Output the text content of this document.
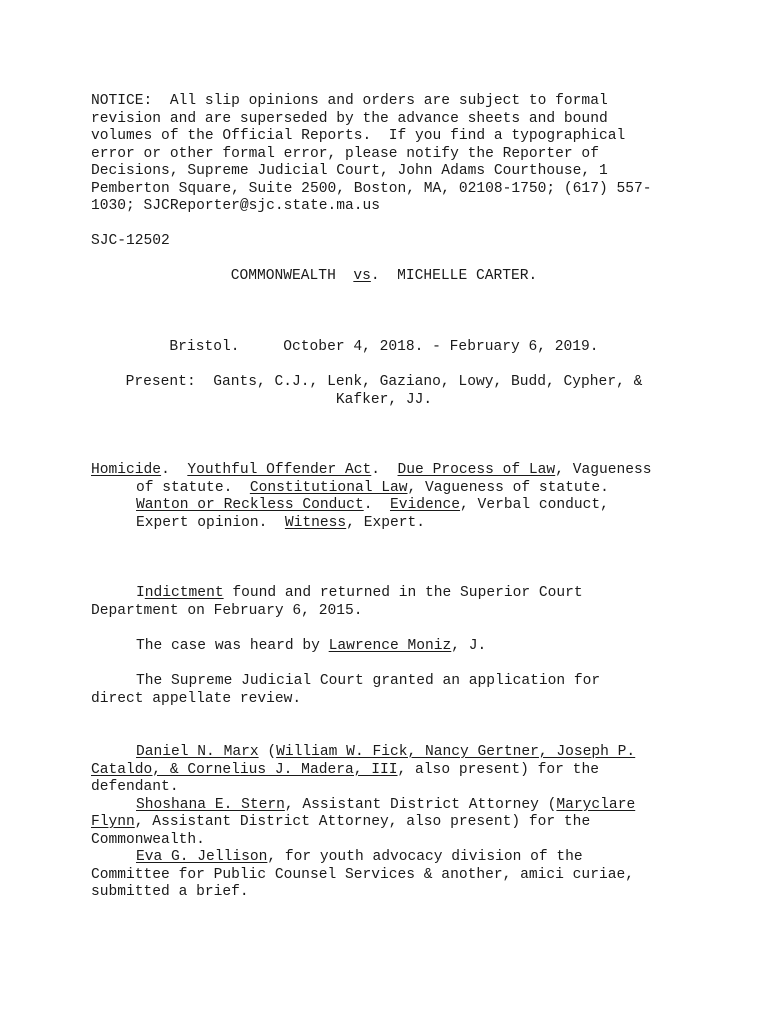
NOTICE:  All slip opinions and orders are subject to formal
revision and are superseded by the advance sheets and bound
volumes of the Official Reports.  If you find a typographical
error or other formal error, please notify the Reporter of
Decisions, Supreme Judicial Court, John Adams Courthouse, 1
Pemberton Square, Suite 2500, Boston, MA, 02108-1750; (617) 557-
1030; SJCReporter@sjc.state.ma.us
SJC-12502
COMMONWEALTH vs.  MICHELLE CARTER.
Bristol.	October 4, 2018. - February 6, 2019.
Present:  Gants, C.J., Lenk, Gaziano, Lowy, Budd, Cypher, &
Kafker, JJ.
Homicide.  Youthful Offender Act.  Due Process of Law, Vagueness
of statute. Constitutional Law, Vagueness of statute.
Wanton or Reckless Conduct.  Evidence, Verbal conduct,
Expert opinion. Witness, Expert.
Indictment found and returned in the Superior Court
Department on February 6, 2015.
The case was heard by Lawrence Moniz, J.
The Supreme Judicial Court granted an application for
direct appellate review.
Daniel N. Marx (William W. Fick, Nancy Gertner, Joseph P.
Cataldo, & Cornelius J. Madera, III, also present) for the
defendant.
Shoshana E. Stern, Assistant District Attorney (Maryclare
Flynn, Assistant District Attorney, also present) for the
Commonwealth.
Eva G. Jellison, for youth advocacy division of the
Committee for Public Counsel Services & another, amici curiae,
submitted a brief.
